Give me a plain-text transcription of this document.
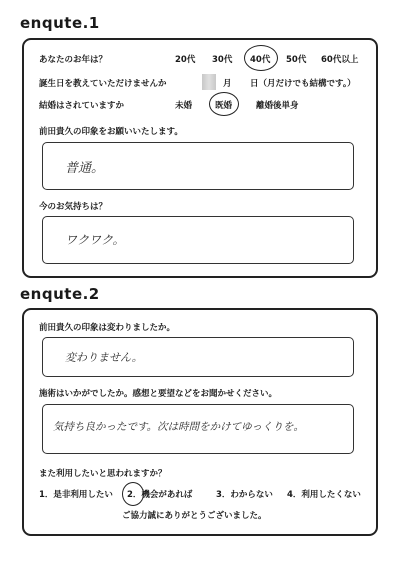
enqute.1
あなたのお年は？	20代 30代 40代 50代 60代以上
誕生日を教えていただけませんか	月 日（月だけでも結構です。）
結婚はされていますか	未婚	既婚	離婚後単身
前田貴久の印象をお願いいたします。
普通。
今のお気持ちは？
ワクワク。
enqute.2
前田貴久の印象は変わりましたか。
変わりません。
施術はいかがでしたか。感想と要望などをお聞かせください。
気持ち良かったです。次は時間をかけてゆっくりを。
また利用したいと思われますか？
1．是非利用したい 2．機会があれば	3．わからない 4．利用したくない
ご協力誠にありがとうございました。
